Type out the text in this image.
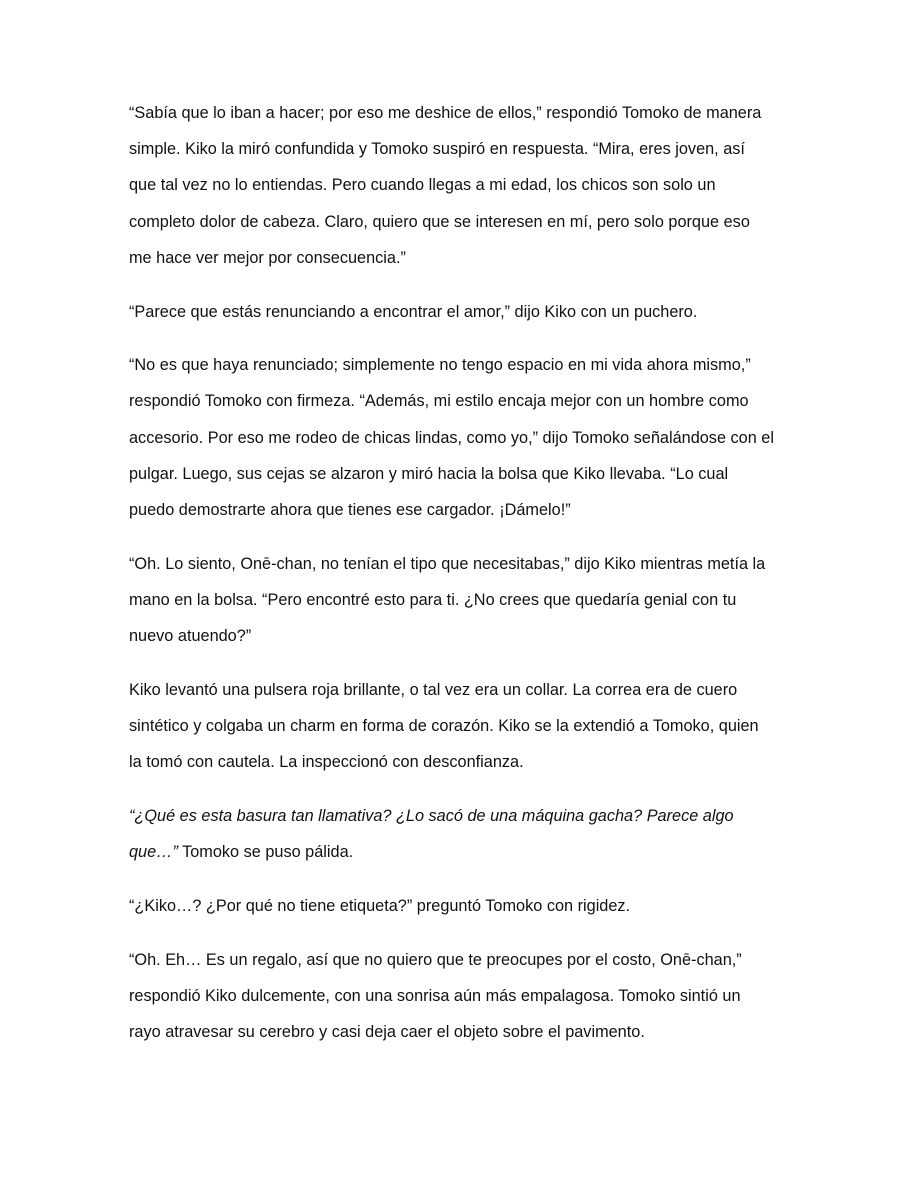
“Sabía que lo iban a hacer; por eso me deshice de ellos,” respondió Tomoko de manera simple. Kiko la miró confundida y Tomoko suspiró en respuesta. “Mira, eres joven, así que tal vez no lo entiendas. Pero cuando llegas a mi edad, los chicos son solo un completo dolor de cabeza. Claro, quiero que se interesen en mí, pero solo porque eso me hace ver mejor por consecuencia.”

“Parece que estás renunciando a encontrar el amor,” dijo Kiko con un puchero.

“No es que haya renunciado; simplemente no tengo espacio en mi vida ahora mismo,” respondió Tomoko con firmeza. “Además, mi estilo encaja mejor con un hombre como accesorio. Por eso me rodeo de chicas lindas, como yo,” dijo Tomoko señalándose con el pulgar. Luego, sus cejas se alzaron y miró hacia la bolsa que Kiko llevaba. “Lo cual puedo demostrarte ahora que tienes ese cargador. ¡Dámelo!”

“Oh. Lo siento, Onē-chan, no tenían el tipo que necesitabas,” dijo Kiko mientras metía la mano en la bolsa. “Pero encontré esto para ti. ¿No crees que quedaría genial con tu nuevo atuendo?”

Kiko levantó una pulsera roja brillante, o tal vez era un collar. La correa era de cuero sintético y colgaba un charm en forma de corazón. Kiko se la extendió a Tomoko, quien la tomó con cautela. La inspeccionó con desconfianza.

“¿Qué es esta basura tan llamativa? ¿Lo sacó de una máquina gacha? Parece algo que…” Tomoko se puso pálida.

“¿Kiko…? ¿Por qué no tiene etiqueta?” preguntó Tomoko con rigidez.

“Oh. Eh… Es un regalo, así que no quiero que te preocupes por el costo, Onē-chan,” respondió Kiko dulcemente, con una sonrisa aún más empalagosa. Tomoko sintió un rayo atravesar su cerebro y casi deja caer el objeto sobre el pavimento.
